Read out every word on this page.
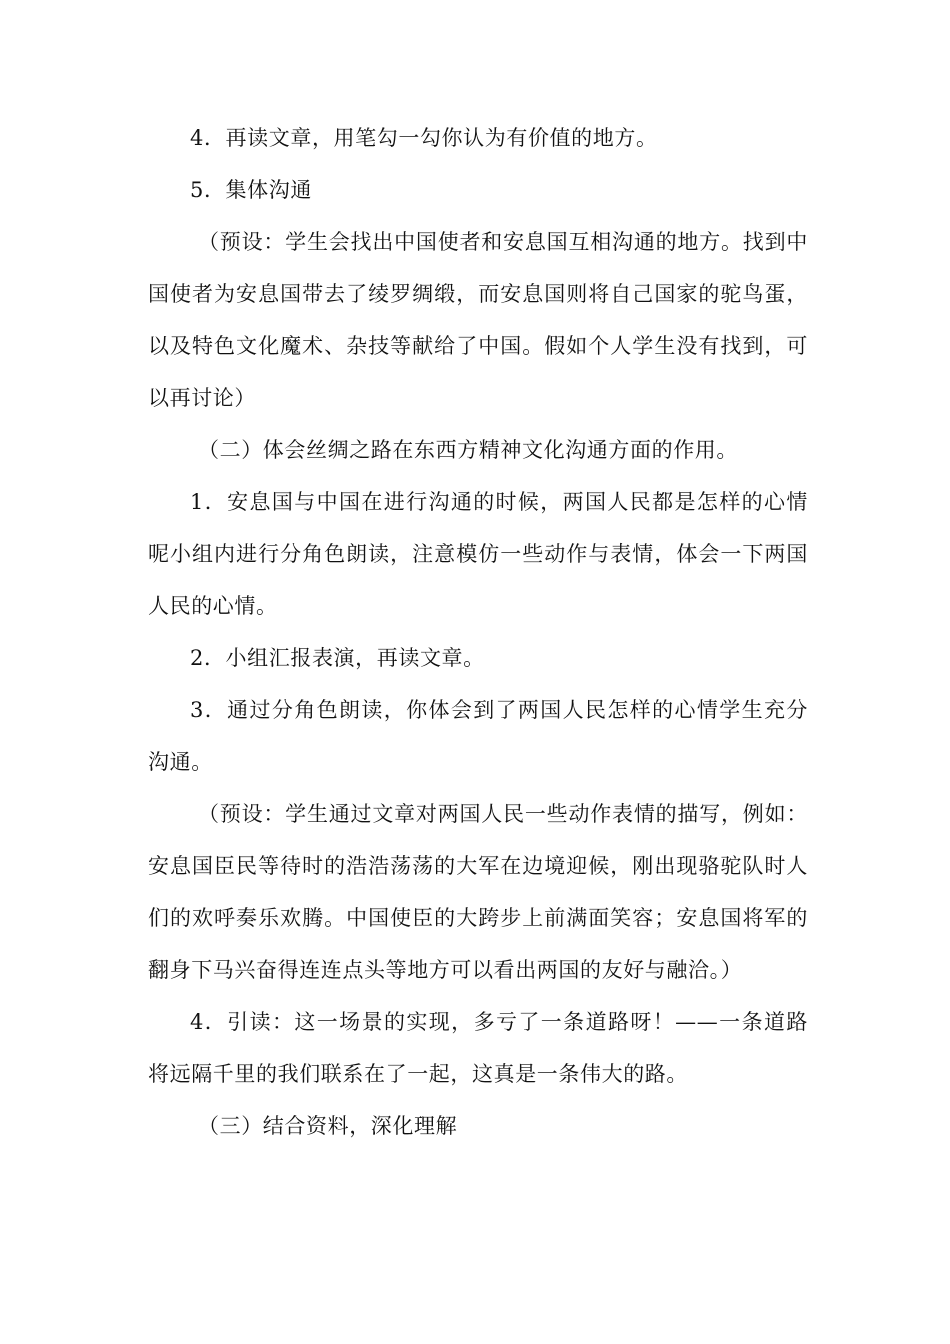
4．再读文章，用笔勾一勾你认为有价值的地方。

5．集体沟通

（预设：学生会找出中国使者和安息国互相沟通的地方。找到中国使者为安息国带去了绫罗绸缎，而安息国则将自己国家的驼鸟蛋，以及特色文化魔术、杂技等献给了中国。假如个人学生没有找到，可以再讨论）

（二）体会丝绸之路在东西方精神文化沟通方面的作用。

1．安息国与中国在进行沟通的时候，两国人民都是怎样的心情呢小组内进行分角色朗读，注意模仿一些动作与表情，体会一下两国人民的心情。

2．小组汇报表演，再读文章。

3．通过分角色朗读，你体会到了两国人民怎样的心情学生充分沟通。

（预设：学生通过文章对两国人民一些动作表情的描写，例如：安息国臣民等待时的浩浩荡荡的大军在边境迎候，刚出现骆驼队时人们的欢呼奏乐欢腾。中国使臣的大跨步上前满面笑容；安息国将军的翻身下马兴奋得连连点头等地方可以看出两国的友好与融洽。）

4．引读：这一场景的实现，多亏了一条道路呀！——一条道路将远隔千里的我们联系在了一起，这真是一条伟大的路。

（三）结合资料，深化理解
